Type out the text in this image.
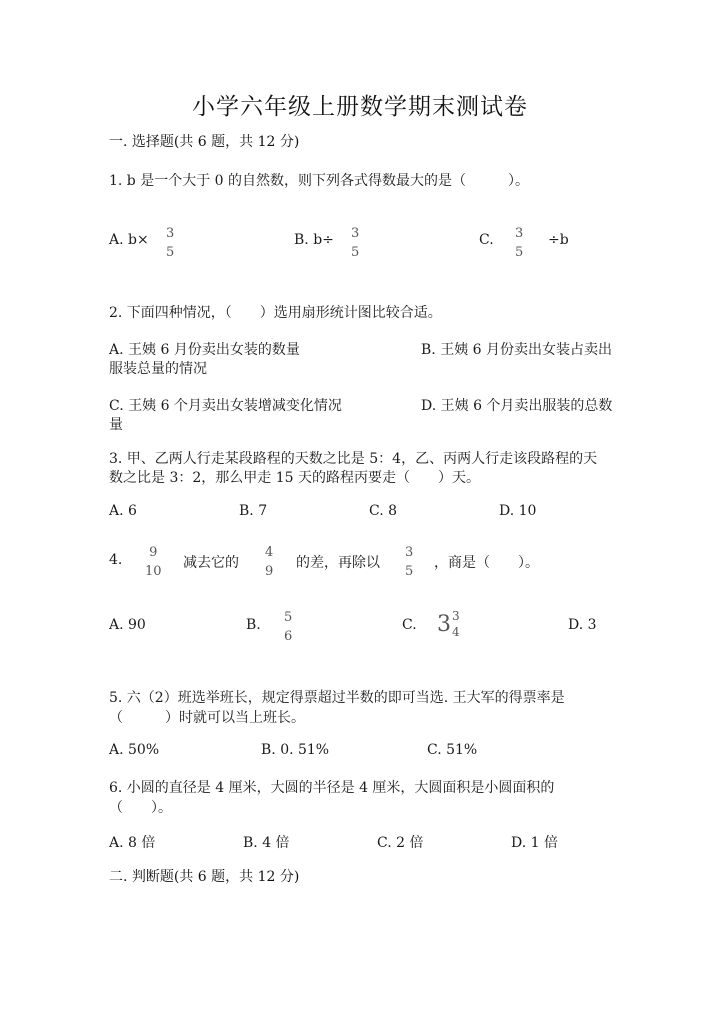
小学六年级上册数学期末测试卷
一. 选择题(共 6 题，共 12 分)
1. b 是一个大于 0 的自然数，则下列各式得数最大的是（　　　）。
A. b× 3
5
B. b÷ 3
5
C. 3
5
÷b
2. 下面四种情况，（　　）选用扇形统计图比较合适。
A. 王姨 6 月份卖出女装的数量	B. 王姨 6 月份卖出女装占卖出
服装总量的情况
C. 王姨 6 个月卖出女装增减变化情况	D. 王姨 6 个月卖出服装的总数
量
3. 甲、乙两人行走某段路程的天数之比是 5：4，乙、丙两人行走该段路程的天
数之比是 3：2，那么甲走 15 天的路程丙要走（　　）天。
A. 6	B. 7	C. 8	D. 10
4. 9
10
减去它的
4
9
的差，再除以
3
5
，商是（　　）。
A. 90	B. 5
6
C. 3 3
4	D. 3
5. 六（2）班选举班长，规定得票超过半数的即可当选. 王大军的得票率是
（　　　）时就可以当上班长。
A. 50%	B. 0. 51%	C. 51%
6. 小圆的直径是 4 厘米，大圆的半径是 4 厘米，大圆面积是小圆面积的
（　　）。
A. 8 倍	B. 4 倍	C. 2 倍	D. 1 倍
二. 判断题(共 6 题，共 12 分)
